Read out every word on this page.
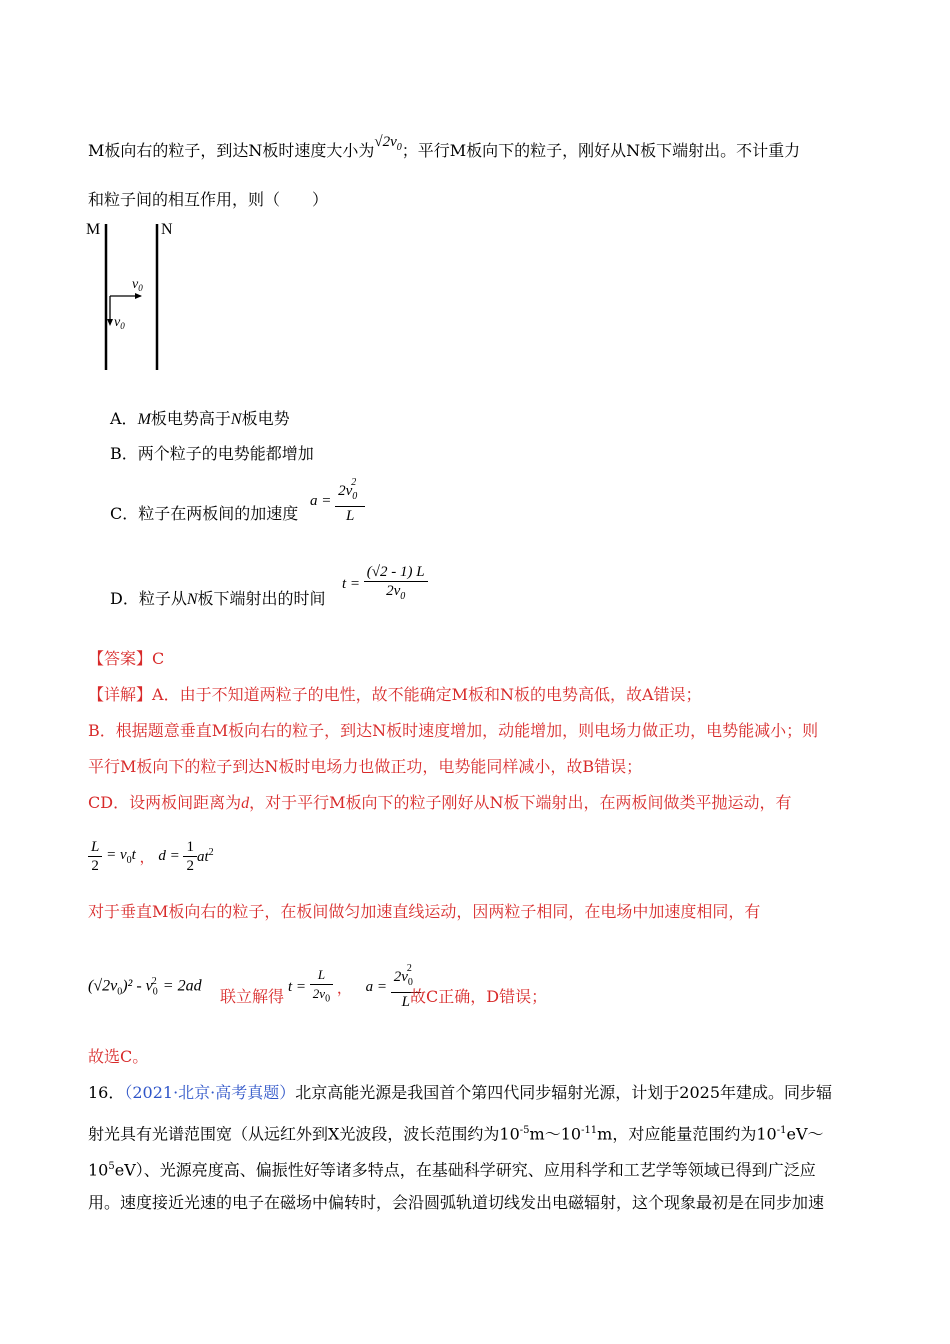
M板向右的粒子，到达N板时速度大小为$√2v_0$；平行M板向下的粒子，刚好从N板下端射出。不计重力
和粒子间的相互作用，则（　　）
M	N
$v_0$
$v_0$
A．M板电势高于N板电势
B．两个粒子的电势能都增加
C．粒子在两板间的加速度
$a = \frac{2v_0^2}{L}$
D．粒子从N板下端射出的时间
$t = \frac{(√2 - 1) L}{2v_0}$
【答案】C
【详解】A．由于不知道两粒子的电性，故不能确定M板和N板的电势高低，故A错误；
B．根据题意垂直M板向右的粒子，到达N板时速度增加，动能增加，则电场力做正功，电势能减小；则
平行M板向下的粒子到达N板时电场力也做正功，电势能同样减小，故B错误；
CD．设两板间距离为d，对于平行M板向下的粒子刚好从N板下端射出，在两板间做类平抛运动，有
$\frac{L}{2} = v_0t$ ， $d = \frac{1}{2} at^2$
对于垂直M板向右的粒子，在板间做匀加速直线运动，因两粒子相同，在电场中加速度相同，有
$(√2v_0)^2 - v_0^2 = 2ad$
联立解得 $t = \frac{L}{2v_0}$ ， $a = \frac{2v_0^2}{L}$
故C正确，D错误；
故选C。
16．（2021·北京·高考真题）北京高能光源是我国首个第四代同步辐射光源，计划于2025年建成。同步辐
射光具有光谱范围宽（从远红外到X光波段，波长范围约为$10^{-5}m\sim 10^{-11}m$，对应能量范围约为$10^{-1}eV\sim$
$10^5eV$）、光源亮度高、偏振性好等诸多特点，在基础科学研究、应用科学和工艺学等领域已得到广泛应
用。速度接近光速的电子在磁场中偏转时，会沿圆弧轨道切线发出电磁辐射，这个现象最初是在同步加速
